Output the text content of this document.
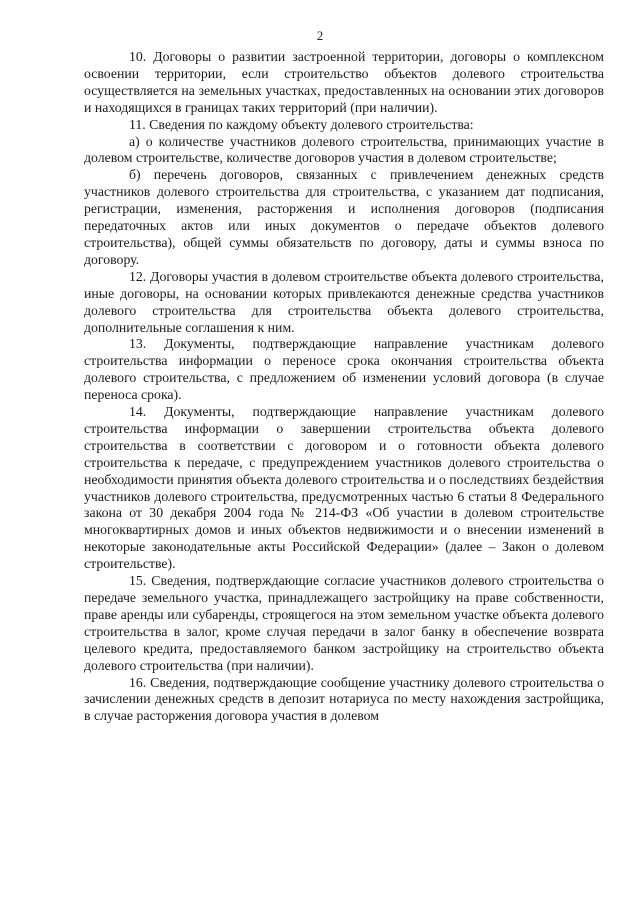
2

10. Договоры о развитии застроенной территории, договоры о комплексном освоении территории, если строительство объектов долевого строительства осуществляется на земельных участках, предоставленных на основании этих договоров и находящихся в границах таких территорий (при наличии).

11. Сведения по каждому объекту долевого строительства:

а) о количестве участников долевого строительства, принимающих участие в долевом строительстве, количестве договоров участия в долевом строительстве;

б) перечень договоров, связанных с привлечением денежных средств участников долевого строительства для строительства, с указанием дат подписания, регистрации, изменения, расторжения и исполнения договоров (подписания передаточных актов или иных документов о передаче объектов долевого строительства), общей суммы обязательств по договору, даты и суммы взноса по договору.

12. Договоры участия в долевом строительстве объекта долевого строительства, иные договоры, на основании которых привлекаются денежные средства участников долевого строительства для строительства объекта долевого строительства, дополнительные соглашения к ним.

13. Документы, подтверждающие направление участникам долевого строительства информации о переносе срока окончания строительства объекта долевого строительства, с предложением об изменении условий договора (в случае переноса срока).

14. Документы, подтверждающие направление участникам долевого строительства информации о завершении строительства объекта долевого строительства в соответствии с договором и о готовности объекта долевого строительства к передаче, с предупреждением участников долевого строительства о необходимости принятия объекта долевого строительства и о последствиях бездействия участников долевого строительства, предусмотренных частью 6 статьи 8 Федерального закона от 30 декабря 2004 года № 214-ФЗ «Об участии в долевом строительстве многоквартирных домов и иных объектов недвижимости и о внесении изменений в некоторые законодательные акты Российской Федерации» (далее – Закон о долевом строительстве).

15. Сведения, подтверждающие согласие участников долевого строительства о передаче земельного участка, принадлежащего застройщику на праве собственности, праве аренды или субаренды, строящегося на этом земельном участке объекта долевого строительства в залог, кроме случая передачи в залог банку в обеспечение возврата целевого кредита, предоставляемого банком застройщику на строительство объекта долевого строительства (при наличии).

16. Сведения, подтверждающие сообщение участнику долевого строительства о зачислении денежных средств в депозит нотариуса по месту нахождения застройщика, в случае расторжения договора участия в долевом
